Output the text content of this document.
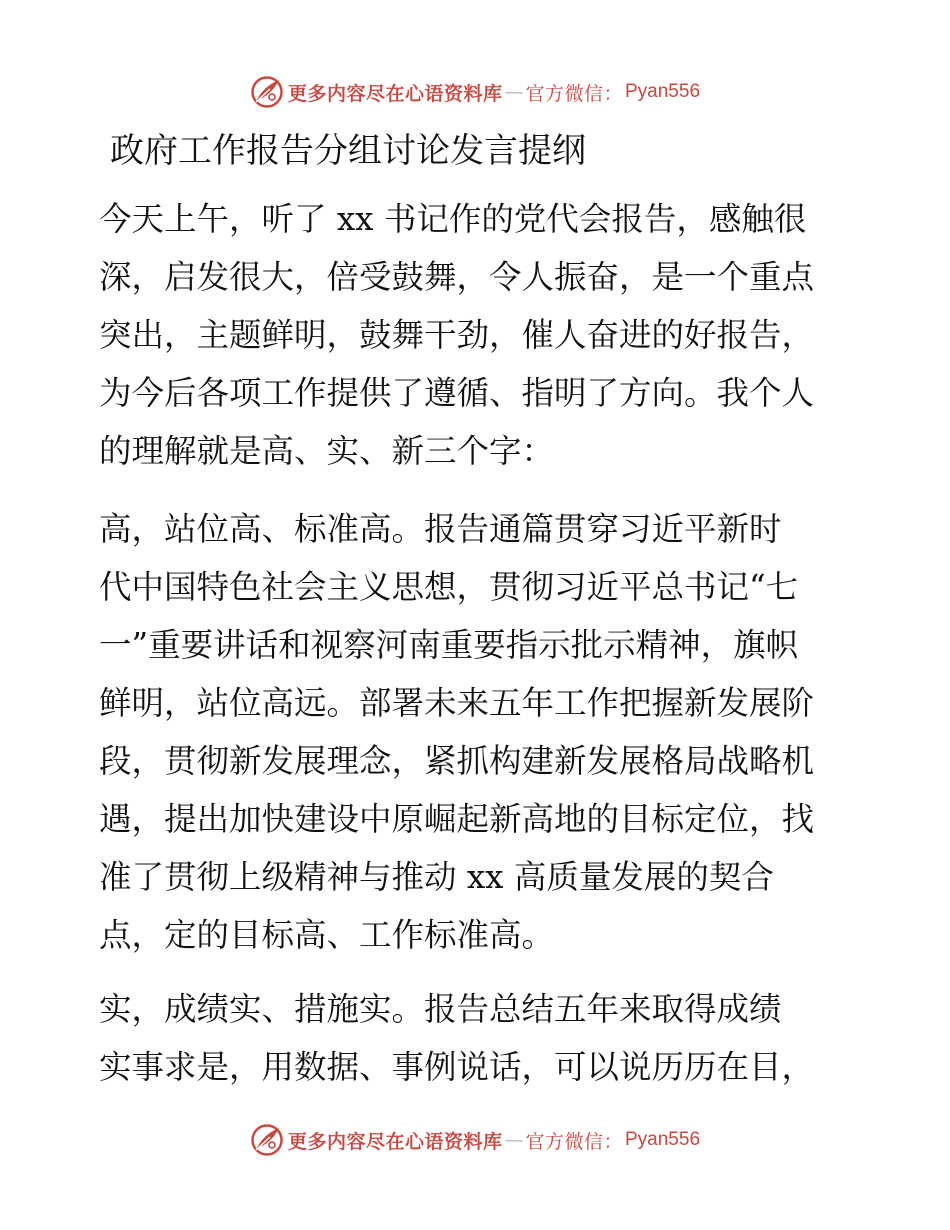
更多内容尽在心语资料库 — 官方微信： Pyan556
政府工作报告分组讨论发言提纲

今天上午，听了 xx 书记作的党代会报告，感触很
深，启发很大，倍受鼓舞，令人振奋，是一个重点
突出，主题鲜明，鼓舞干劲，催人奋进的好报告，
为今后各项工作提供了遵循、指明了方向。我个人
的理解就是高、实、新三个字：

高，站位高、标准高。报告通篇贯穿习近平新时
代中国特色社会主义思想，贯彻习近平总书记“七
一”重要讲话和视察河南重要指示批示精神，旗帜
鲜明，站位高远。部署未来五年工作把握新发展阶
段，贯彻新发展理念，紧抓构建新发展格局战略机
遇，提出加快建设中原崛起新高地的目标定位，找
准了贯彻上级精神与推动 xx 高质量发展的契合
点，定的目标高、工作标准高。

实，成绩实、措施实。报告总结五年来取得成绩
实事求是，用数据、事例说话，可以说历历在目，

更多内容尽在心语资料库 — 官方微信： Pyan556
